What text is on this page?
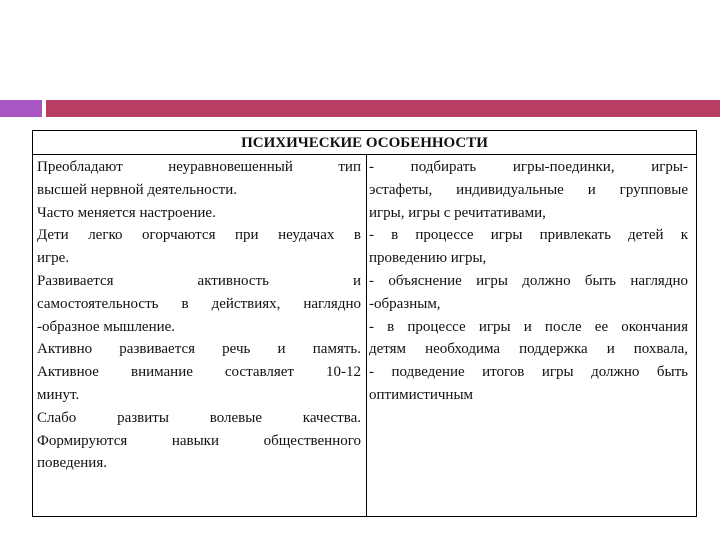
ПСИХИЧЕСКИЕ ОСОБЕННОСТИ
Преобладают неуравновешенный тип
высшей нервной деятельности.
Часто меняется настроение.
Дети легко огорчаются при неудачах в
игре.
Развивается активность и
самостоятельность в действиях, наглядно
-образное мышление.
Активно развивается речь и память.
Активное внимание составляет 10-12
минут.
Слабо развиты волевые качества.
Формируются навыки общественного
поведения.
- подбирать игры-поединки, игры-
эстафеты, индивидуальные и групповые
игры, игры с речитативами,
- в процессе игры привлекать детей к
проведению игры,
- объяснение игры должно быть наглядно
-образным,
- в процессе игры и после ее окончания
детям необходима поддержка и похвала,
- подведение итогов игры должно быть
оптимистичным
